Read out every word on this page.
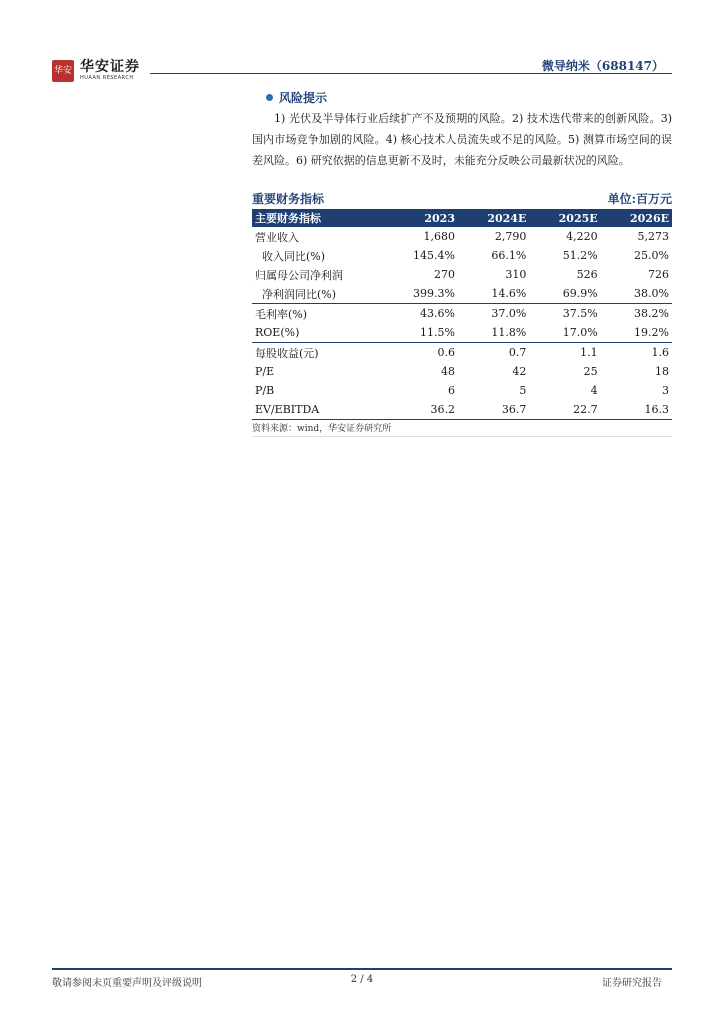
华安 华安证券
HUAAN RESEARCH
微导纳米（688147）
风险提示
1) 光伏及半导体行业后续扩产不及预期的风险。2) 技术迭代带来的创新风险。3) 国内市场竞争加剧的风险。4) 核心技术人员流失或不足的风险。5) 测算市场空间的误差风险。6) 研究依据的信息更新不及时，未能充分反映公司最新状况的风险。
重要财务指标	单位:百万元
主要财务指标	2023	2024E	2025E	2026E
营业收入	1,680	2,790	4,220	5,273
收入同比(%)	145.4%	66.1%	51.2%	25.0%
归属母公司净利润	270	310	526	726
净利润同比(%)	399.3%	14.6%	69.9%	38.0%
毛利率(%)	43.6%	37.0%	37.5%	38.2%
ROE(%)	11.5%	11.8%	17.0%	19.2%
每股收益(元)	0.6	0.7	1.1	1.6
P/E	48	42	25	18
P/B	6	5	4	3
EV/EBITDA	36.2	36.7	22.7	16.3
资料来源：wind，华安证券研究所
敬请参阅末页重要声明及评级说明	2 / 4	证券研究报告
